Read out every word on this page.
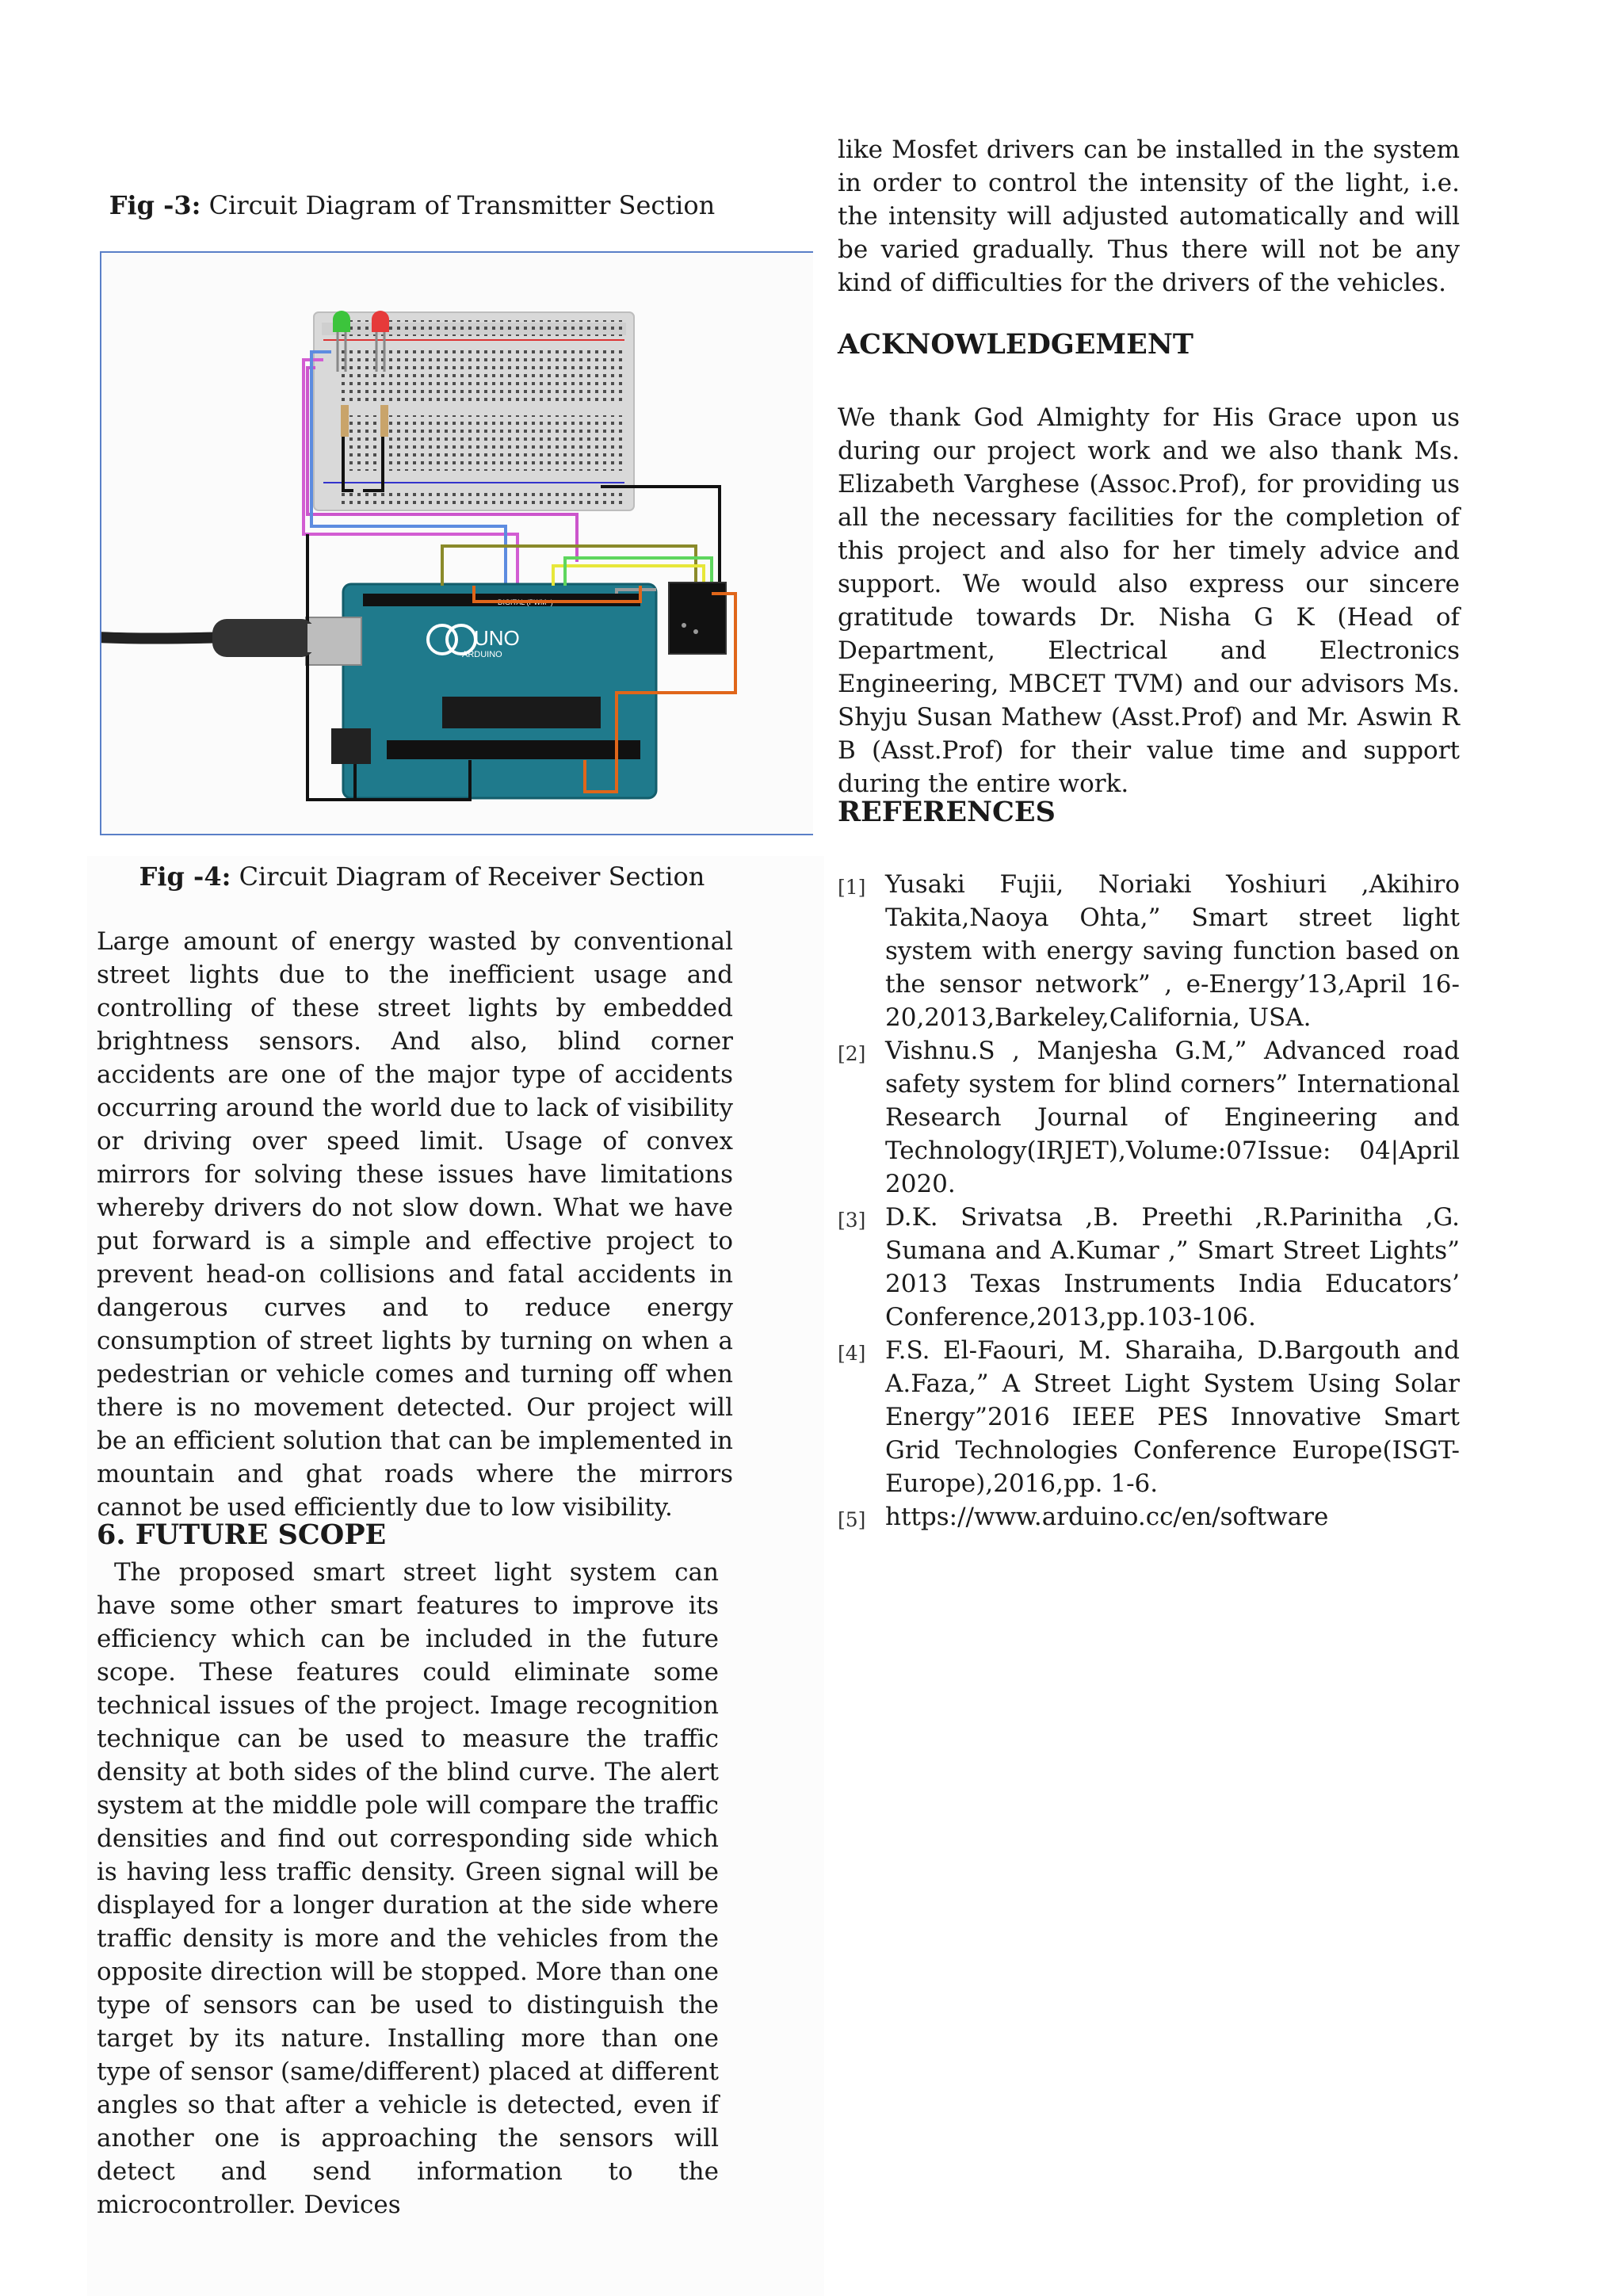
Fig -3: Circuit Diagram of Transmitter Section
UNO
ARDUINO
DIGITAL (PWM~)
Fig -4: Circuit Diagram of Receiver Section

Large amount of energy wasted by conventional street lights due to the inefficient usage and controlling of these street lights by embedded brightness sensors. And also, blind corner accidents are one of the major type of accidents occurring around the world due to lack of visibility or driving over speed limit. Usage of convex mirrors for solving these issues have limitations whereby drivers do not slow down. What we have put forward is a simple and effective project to prevent head-on collisions and fatal accidents in dangerous curves and to reduce energy consumption of street lights by turning on when a pedestrian or vehicle comes and turning off when there is no movement detected. Our project will be an efficient solution that can be implemented in mountain and ghat roads where the mirrors cannot be used efficiently due to low visibility.

6. FUTURE SCOPE

The proposed smart street light system can have some other smart features to improve its efficiency which can be included in the future scope. These features could eliminate some technical issues of the project. Image recognition technique can be used to measure the traffic density at both sides of the blind curve. The alert system at the middle pole will compare the traffic densities and find out corresponding side which is having less traffic density. Green signal will be displayed for a longer duration at the side where traffic density is more and the vehicles from the opposite direction will be stopped. More than one type of sensors can be used to distinguish the target by its nature. Installing more than one type of sensor (same/different) placed at different angles so that after a vehicle is detected, even if another one is approaching the sensors will detect and send information to the microcontroller. Devices

like Mosfet drivers can be installed in the system in order to control the intensity of the light, i.e. the intensity will adjusted automatically and will be varied gradually. Thus there will not be any kind of difficulties for the drivers of the vehicles.

ACKNOWLEDGEMENT

We thank God Almighty for His Grace upon us during our project work and we also thank Ms. Elizabeth Varghese (Assoc.Prof), for providing us all the necessary facilities for the completion of this project and also for her timely advice and support. We would also express our sincere gratitude towards Dr. Nisha G K (Head of Department, Electrical and Electronics Engineering, MBCET TVM) and our advisors Ms. Shyju Susan Mathew (Asst.Prof) and Mr. Aswin R B (Asst.Prof) for their value time and support during the entire work.

REFERENCES
[1] Yusaki Fujii, Noriaki Yoshiuri ,Akihiro Takita,Naoya Ohta,” Smart street light system with energy saving function based on the sensor network” , e-Energy’13,April 16-20,2013,Barkeley,California, USA.
[2] Vishnu.S , Manjesha G.M,” Advanced road safety system for blind corners” International Research Journal of Engineering and Technology(IRJET),Volume:07Issue: 04|April 2020.
[3] D.K. Srivatsa ,B. Preethi ,R.Parinitha ,G. Sumana and A.Kumar ,” Smart Street Lights” 2013 Texas Instruments India Educators’ Conference,2013,pp.103-106.
[4] F.S. El-Faouri, M. Sharaiha, D.Bargouth and A.Faza,” A Street Light System Using Solar Energy”2016 IEEE PES Innovative Smart Grid Technologies Conference Europe(ISGT-Europe),2016,pp. 1-6.
[5] https://www.arduino.cc/en/software
